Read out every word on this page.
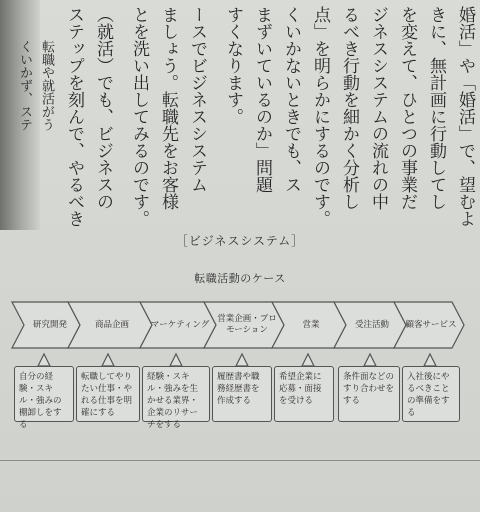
婚活」や「婚活」で、望むよ
きに、無計画に行動してし
を変えて、ひとつの事業だ
ジネスシステムの流れの中
るべき行動を細かく分析し
点」を明らかにするのです。
くいかないときでも、ス
まずいているのか」問題
すくなります。
ースでビジネスシステム
ましょう。転職先をお客様
とを洗い出してみるのです。
（就活）でも、ビジネスの
ステップを刻んで、やるべき
転職や就活がう
くいかず、ステ
［ビジネスシステム］
転職活動のケース
研究開発	商品企画	マーケティング
営業企画・プロモーション
営業	受注活動	顧客サービス
自分の経験・スキル・強みの棚卸しをする
転職してやりたい仕事・やれる仕事を明確にする
経験・スキル・強みを生かせる業界・企業のリサーチをする
履歴書や職務経歴書を作成する
希望企業に応募・面接を受ける
条件面などのすり合わせをする
入社後にやるべきことの準備をする
